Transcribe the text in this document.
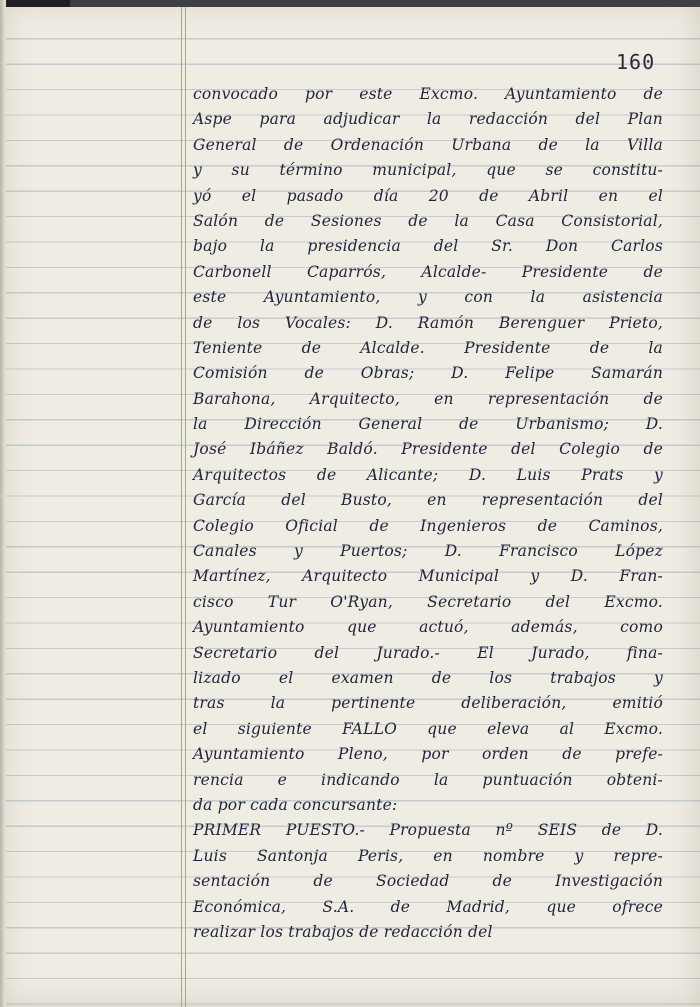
160
convocado por este Excmo. Ayuntamiento de
Aspe para adjudicar la redacción del Plan
General de Ordenación Urbana de la Villa
y su término municipal, que se constitu-
yó el pasado día 20 de Abril en el
Salón de Sesiones de la Casa Consistorial,
bajo la presidencia del Sr. Don Carlos
Carbonell Caparrós, Alcalde- Presidente de
este Ayuntamiento, y con la asistencia
de los Vocales: D. Ramón Berenguer Prieto,
Teniente de Alcalde. Presidente de la
Comisión de Obras; D. Felipe Samarán
Barahona, Arquitecto, en representación de
la Dirección General de Urbanismo; D.
José Ibáñez Baldó. Presidente del Colegio de
Arquitectos de Alicante; D. Luis Prats y
García del Busto, en representación del
Colegio Oficial de Ingenieros de Caminos,
Canales y Puertos; D. Francisco López
Martínez, Arquitecto Municipal y D. Fran-
cisco Tur O'Ryan, Secretario del Excmo.
Ayuntamiento que actuó, además, como
Secretario del Jurado.- El Jurado, fina-
lizado el examen de los trabajos y
tras la pertinente deliberación, emitió
el siguiente FALLO que eleva al Excmo.
Ayuntamiento Pleno, por orden de prefe-
rencia e indicando la puntuación obteni-
da por cada concursante:
PRIMER PUESTO.- Propuesta nº SEIS de D.
Luis Santonja Peris, en nombre y repre-
sentación de Sociedad de Investigación
Económica, S.A. de Madrid, que ofrece
realizar los trabajos de redacción del
